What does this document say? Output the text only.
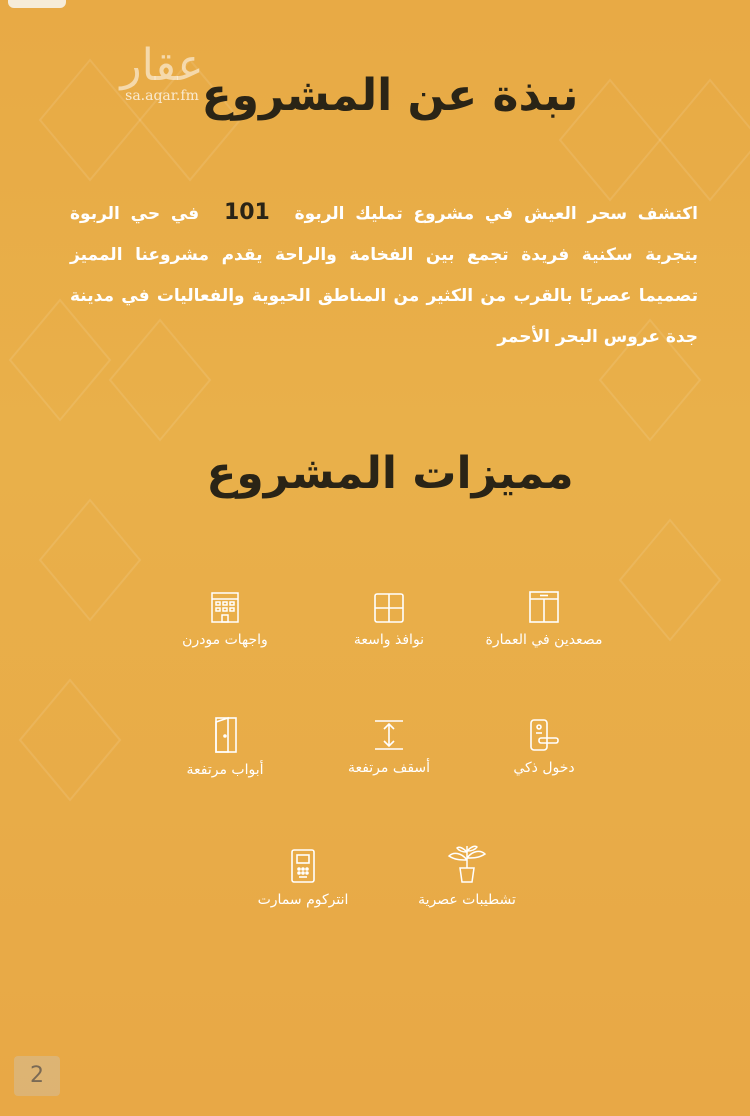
عقار
sa.aqar.fm نبذة عن المشروع
اكتشف سحر العيش في مشروع تمليك الربوة 101 في حي الربوة بتجربة سكنية فريدة تجمع بين الفخامة والراحة يقدم مشروعنا المميز تصميما عصريًا بالقرب من الكثير من المناطق الحيوية والفعاليات في مدينة جدة عروس البحر الأحمر
مميزات المشروع
مصعدين في العمارة
نوافذ واسعة
واجهات مودرن
دخول ذكي
أسقف مرتفعة
أبواب مرتفعة
تشطيبات عصرية
انتركوم سمارت
2
